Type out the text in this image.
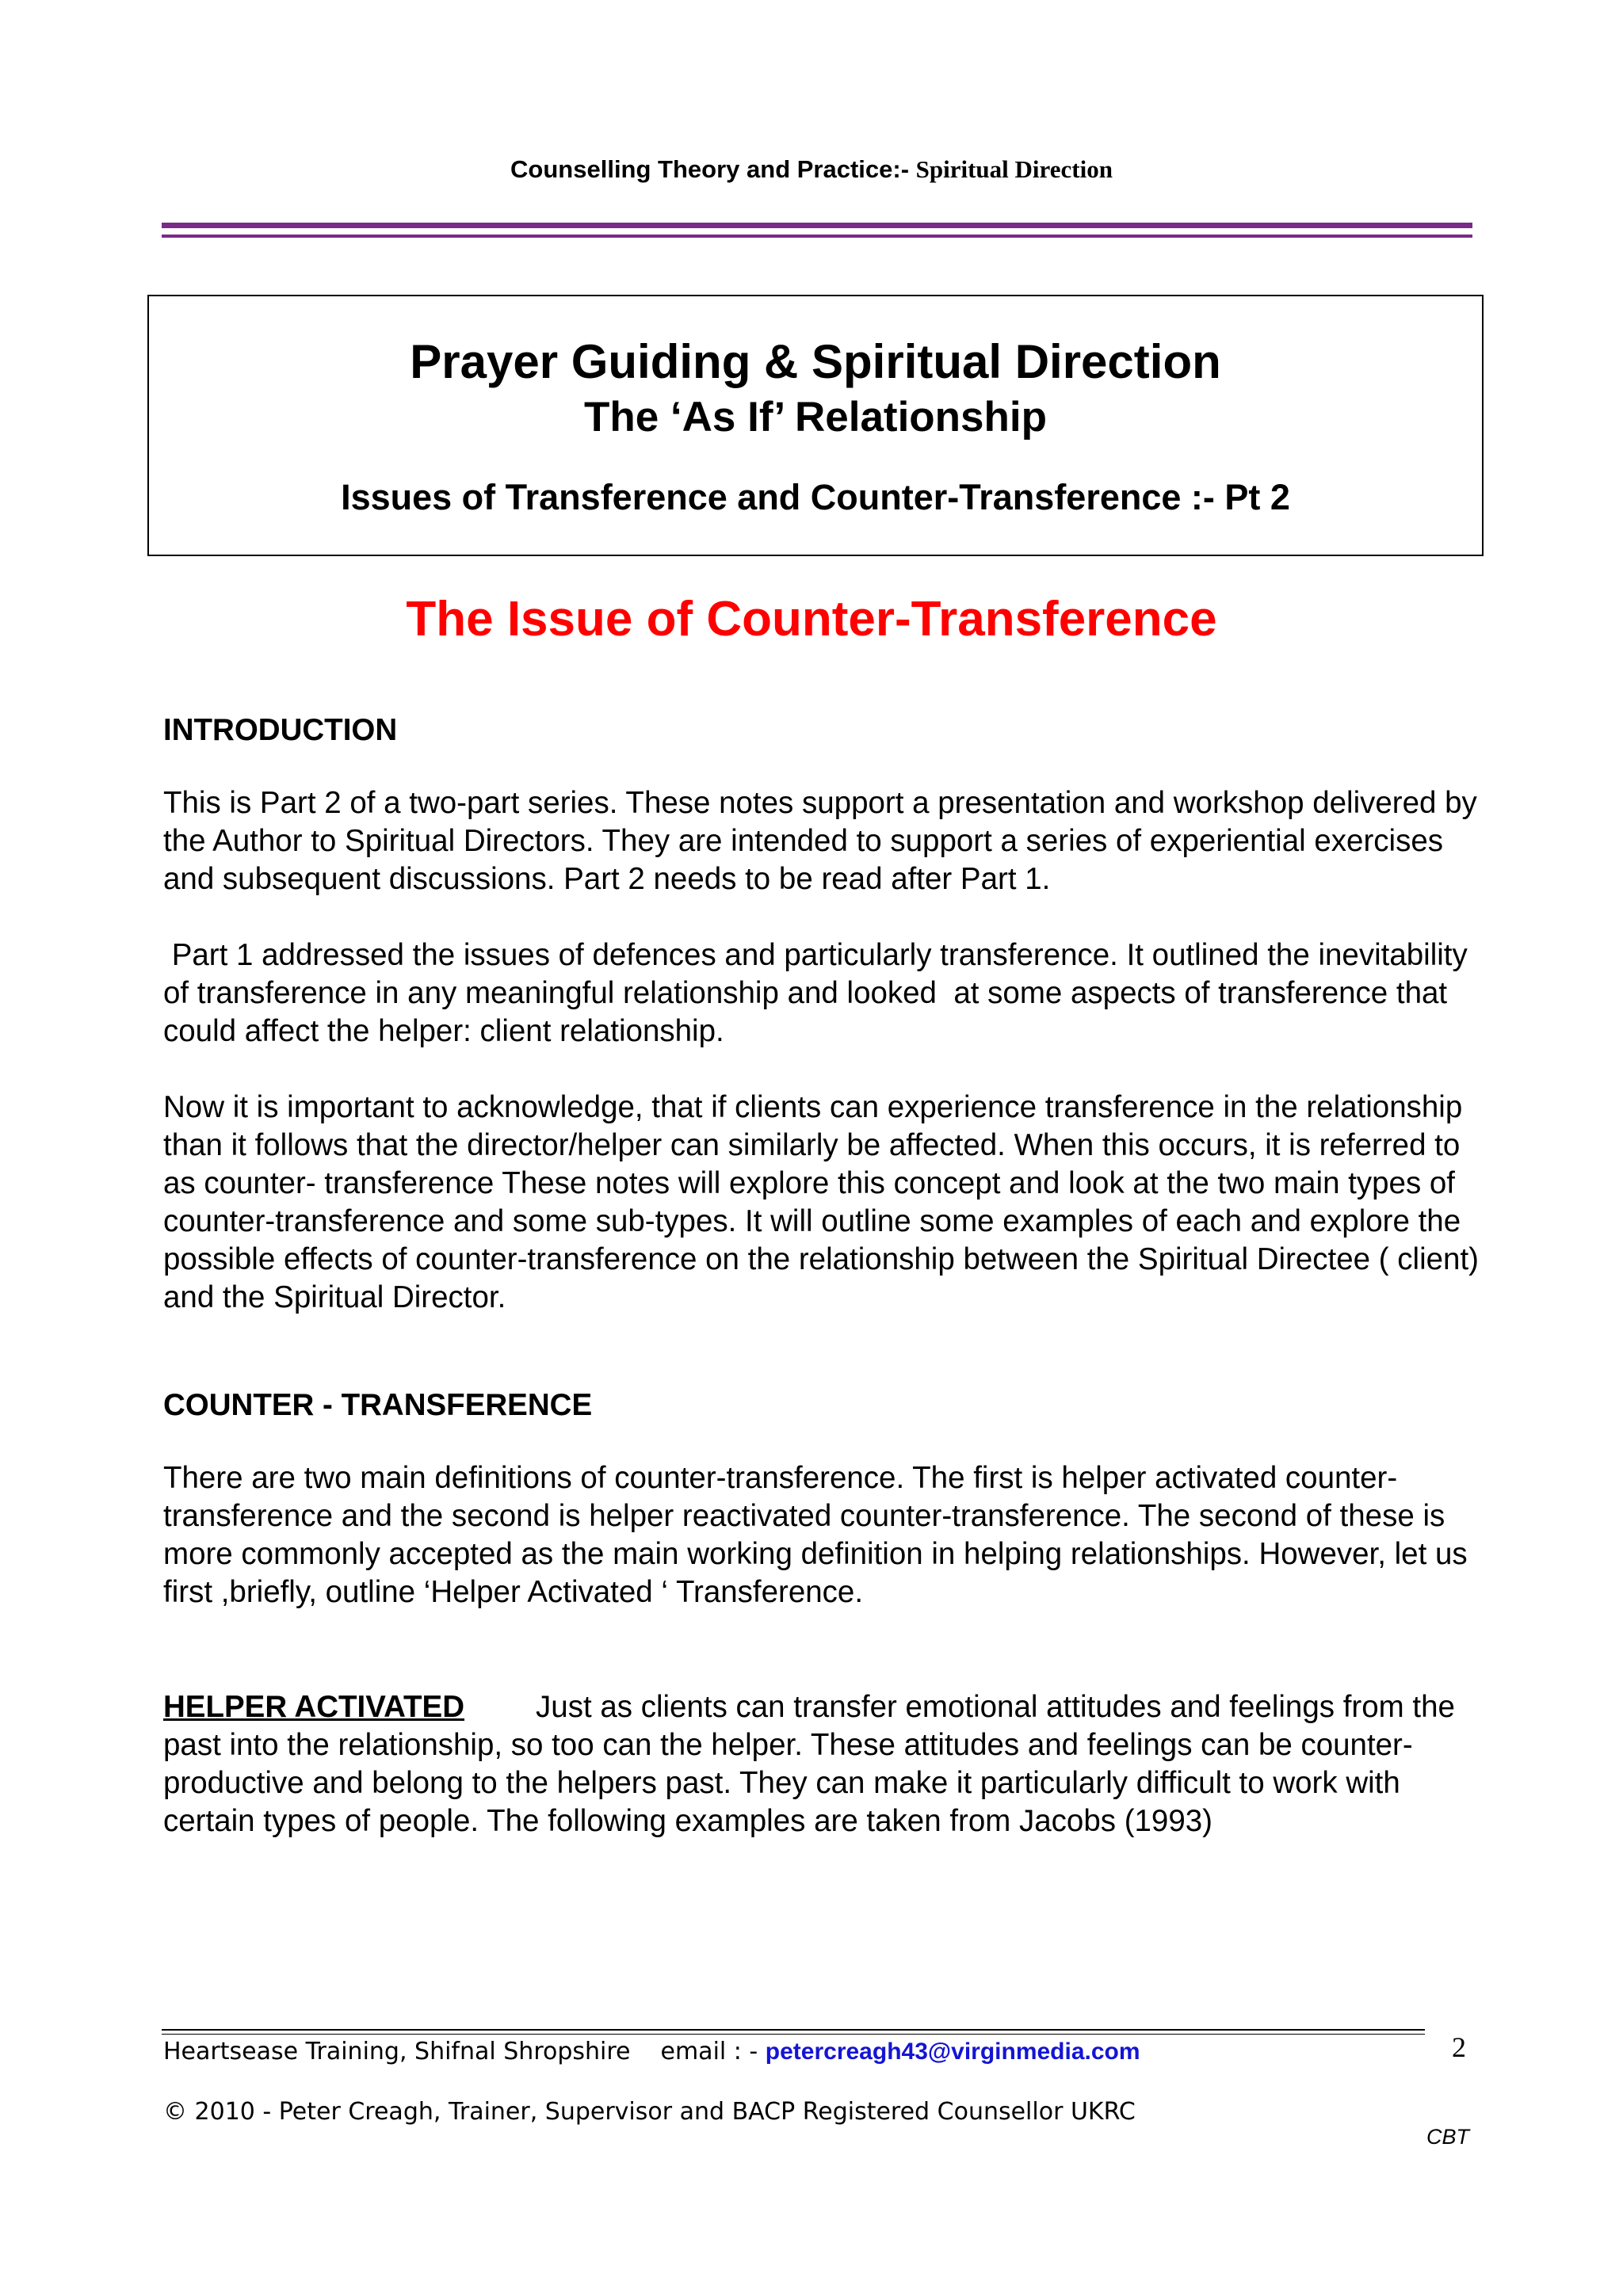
Counselling Theory and Practice:- Spiritual Direction
Prayer Guiding & Spiritual Direction
The ‘As If’ Relationship
Issues of Transference and Counter-Transference :- Pt 2
The Issue of Counter-Transference
INTRODUCTION
This is Part 2 of a two-part series. These notes support a presentation and workshop delivered by the Author to Spiritual Directors. They are intended to support a series of experiential exercises and subsequent discussions. Part 2 needs to be read after Part 1.
Part 1 addressed the issues of defences and particularly transference. It outlined the inevitability of transference in any meaningful relationship and looked  at some aspects of transference that could affect the helper: client relationship.
Now it is important to acknowledge, that if clients can experience transference in the relationship than it follows that the director/helper can similarly be affected. When this occurs, it is referred to as counter- transference These notes will explore this concept and look at the two main types of counter-transference and some sub-types. It will outline some examples of each and explore the possible effects of counter-transference on the relationship between the Spiritual Directee ( client) and the Spiritual Director.
COUNTER - TRANSFERENCE
There are two main definitions of counter-transference. The first is helper activated counter-transference and the second is helper reactivated counter-transference. The second of these is more commonly accepted as the main working definition in helping relationships. However, let us first ,briefly, outline ‘Helper Activated ‘ Transference.
HELPER ACTIVATED Just as clients can transfer emotional attitudes and feelings from the past into the relationship, so too can the helper. These attitudes and feelings can be counter-productive and belong to the helpers past. They can make it particularly difficult to work with certain types of people. The following examples are taken from Jacobs (1993)
Heartsease Training, Shifnal Shropshire email : - petercreagh43@virginmedia.com	2
© 2010 - Peter Creagh, Trainer, Supervisor and BACP Registered Counsellor UKRC
CBT
